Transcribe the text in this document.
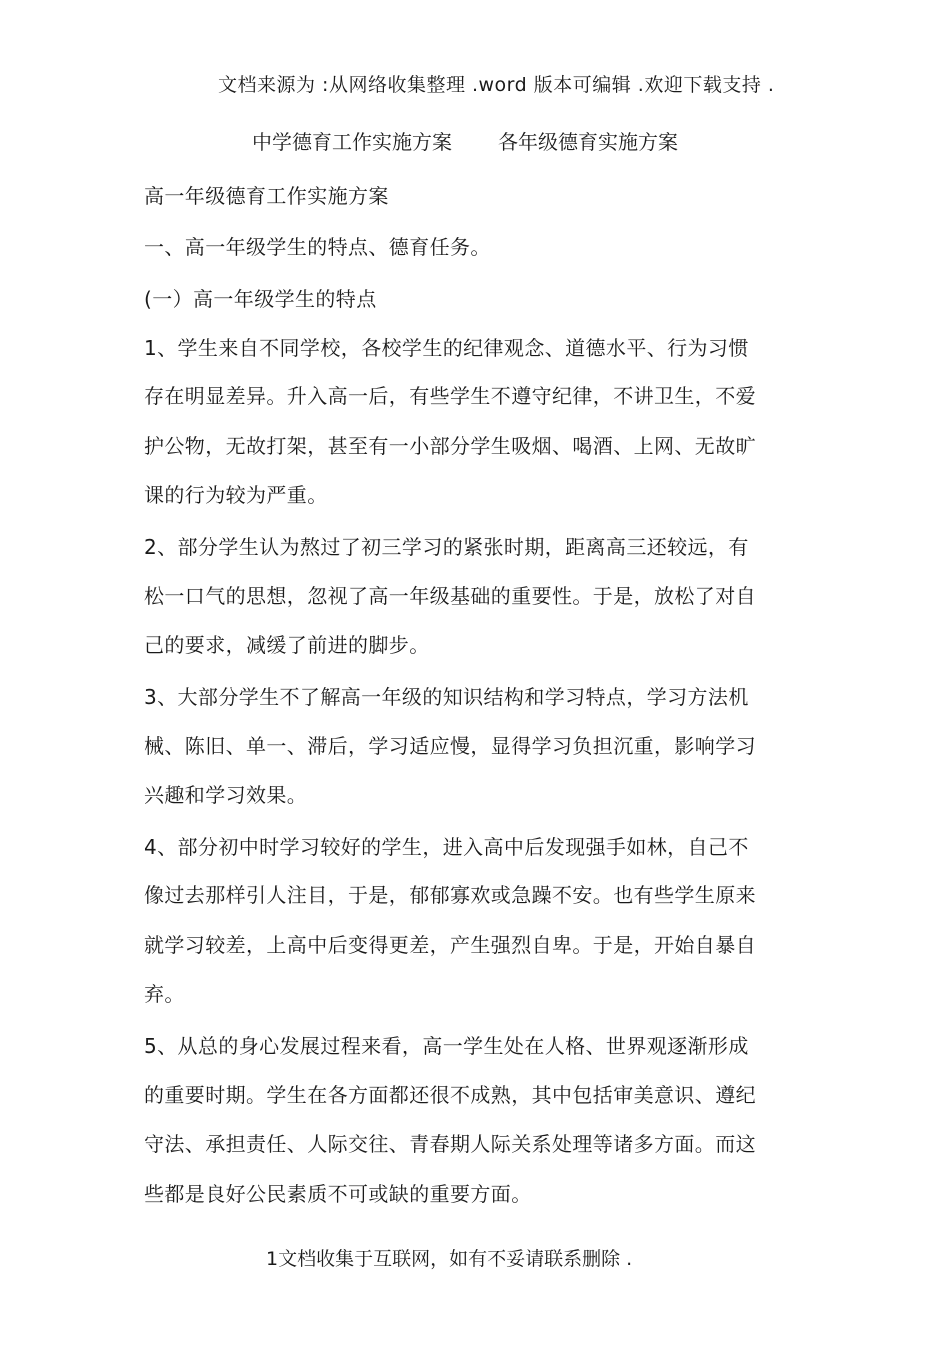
文档来源为 :从网络收集整理 .word 版本可编辑 .欢迎下载支持 .
中学德育工作实施方案 各年级德育实施方案
高一年级德育工作实施方案
一、高一年级学生的特点、德育任务。
(一）高一年级学生的特点
1、学生来自不同学校，各校学生的纪律观念、道德水平、行为习惯
存在明显差异。升入高一后，有些学生不遵守纪律，不讲卫生，不爱
护公物，无故打架，甚至有一小部分学生吸烟、喝酒、上网、无故旷
课的行为较为严重。
2、部分学生认为熬过了初三学习的紧张时期，距离高三还较远，有
松一口气的思想，忽视了高一年级基础的重要性。于是，放松了对自
己的要求，减缓了前进的脚步。
3、大部分学生不了解高一年级的知识结构和学习特点，学习方法机
械、陈旧、单一、滞后，学习适应慢，显得学习负担沉重，影响学习
兴趣和学习效果。
4、部分初中时学习较好的学生，进入高中后发现强手如林，自己不
像过去那样引人注目，于是，郁郁寡欢或急躁不安。也有些学生原来
就学习较差，上高中后变得更差，产生强烈自卑。于是，开始自暴自
弃。
5、从总的身心发展过程来看，高一学生处在人格、世界观逐渐形成
的重要时期。学生在各方面都还很不成熟，其中包括审美意识、遵纪
守法、承担责任、人际交往、青春期人际关系处理等诸多方面。而这
些都是良好公民素质不可或缺的重要方面。
1文档收集于互联网，如有不妥请联系删除 .
